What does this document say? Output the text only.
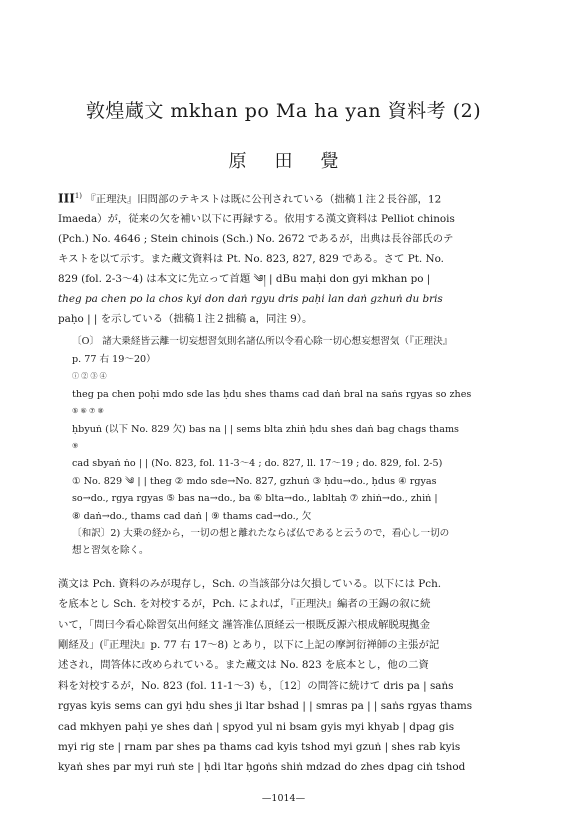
敦煌蔵文 mkhan po Ma ha yan 資料考 (2)
原田覺

III$^{1)}$ 『正理決』旧問部のテキストは既に公刊されている（拙稿１注２長谷部，12
Imaeda）が，従来の欠を補い以下に再録する。依用する漢文資料は Pelliot chinois
(Pch.) No. 4646 ; Stein chinois (Sch.) No. 2672 であるが，出典は長谷部氏のテ
キストを以て示す。また蔵文資料は Pt. No. 823, 827, 829 である。さて Pt. No.
829 (fol. 2-3～4) は本文に先立って首題 ༄། | dBu maḥi don gyi mkhan po |
theg pa chen po la chos kyi don daṅ rgyu dris paḥi lan daṅ gzhuṅ du bris
paḥo | | を示している（拙稿１注２拙稿 a，同注 9）。

〔O〕 諸大乗経皆云離一切妄想習気則名諸仏所以令看心除一切心想妄想習気（『正理決』

p. 77 右 19～20）

ⓘ ② ③ ④

theg pa chen poḥi mdo sde las ḥdu shes thams cad daṅ bral na saṅs rgyas so zhes

⑤ ⑥ ⑦ ⑧

ḥbyuṅ (以下 No. 829 欠) bas na | | sems blta zhiṅ ḥdu shes daṅ bag chags thams

⑨

cad sbyaṅ ṅo | | (No. 823, fol. 11-3～4 ; do. 827, ll. 17～19 ; do. 829, fol. 2-5)

① No. 829 ༄ | | theg ② mdo sde→No. 827, gzhuṅ ③ ḥdu→do., ḥdus ④ rgyas

so→do., rgya rgyas ⑤ bas na→do., ba ⑥ blta→do., labltaḥ ⑦ zhiṅ→do., zhiṅ |

⑧ daṅ→do., thams cad daṅ | ⑨ thams cad→do., 欠

〔和訳〕2) 大乗の経から，一切の想と離れたならば仏であると云うので，看心し一切の

想と習気を除く。

漢文は Pch. 資料のみが現存し，Sch. の当該部分は欠損している。以下には Pch.

を底本とし Sch. を対校するが，Pch. によれば，『正理決』編者の王錫の叙に続

いて，「問曰今看心除習気出何経文 謹答准仏頂経云一根既反源六根成解脱現拠金

剛経及」(『正理決』p. 77 右 17～8) とあり，以下に上記の摩訶衍禅師の主張が記

述され，問答体に改められている。また蔵文は No. 823 を底本とし，他の二資

料を対校するが，No. 823 (fol. 11-1～3) も，〔12〕の問答に続けて dris pa | saṅs

rgyas kyis sems can gyi ḥdu shes ji ltar bshad | | smras pa | | saṅs rgyas thams

cad mkhyen paḥi ye shes daṅ | spyod yul ni bsam gyis myi khyab | dpag gis

myi rig ste | rnam par shes pa thams cad kyis tshod myi gzuṅ | shes rab kyis

kyaṅ shes par myi ruṅ ste | ḥdi ltar ḥgoṅs shiṅ mdzad do zhes dpag ciṅ tshod

—1014—
